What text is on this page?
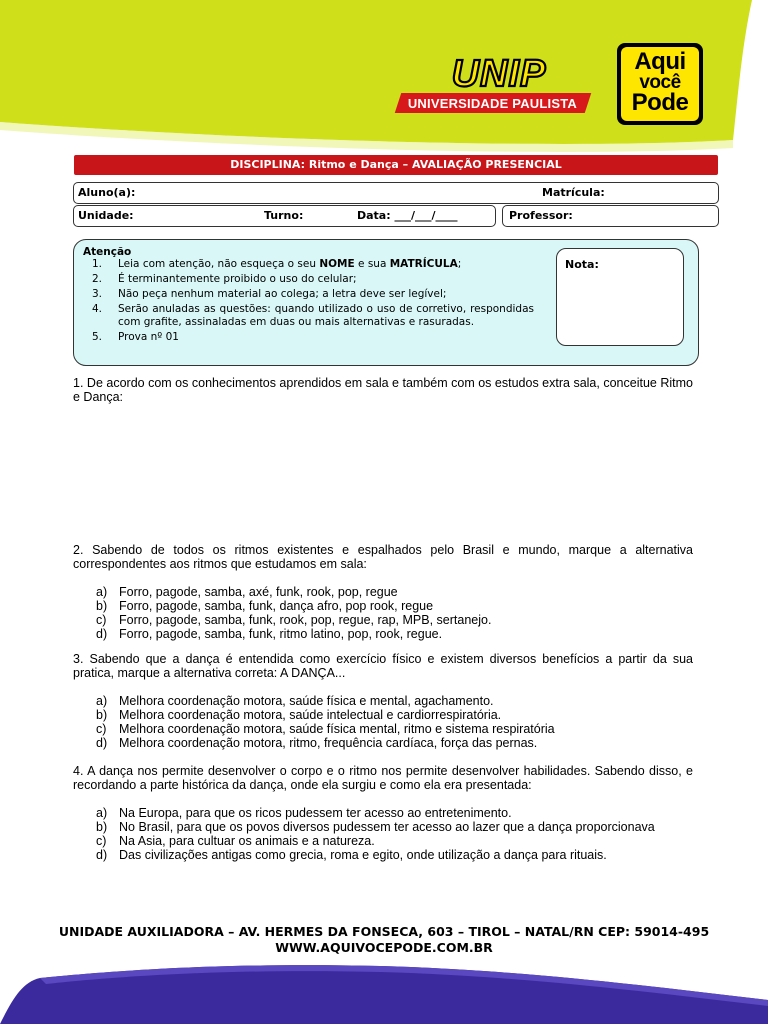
UNIP
UNIVERSIDADE PAULISTA
Aqui
você
Pode
DISCIPLINA: Ritmo e Dança – AVALIAÇÃO PRESENCIAL
Aluno(a):	Matrícula:
Unidade:	Turno:	Data: ___/___/____	Professor:
Atenção
1.	Leia com atenção, não esqueça o seu NOME e sua MATRÍCULA;
2.	É terminantemente proibido o uso do celular;
3.	Não peça nenhum material ao colega; a letra deve ser legível;
4.	Serão anuladas as questões: quando utilizado o uso de corretivo, respondidas com grafite, assinaladas em duas ou mais alternativas e rasuradas.
5.	Prova nº 01
Nota:
1. De acordo com os conhecimentos aprendidos em sala e também com os estudos extra sala, conceitue Ritmo e Dança:
2. Sabendo de todos os ritmos existentes e espalhados pelo Brasil e mundo, marque a alternativa correspondentes aos ritmos que estudamos em sala:
a) Forro, pagode, samba, axé, funk, rook, pop, regue
b) Forro, pagode, samba, funk, dança afro, pop rook, regue
c)	Forro, pagode, samba, funk, rook, pop, regue, rap, MPB, sertanejo.
d) Forro, pagode, samba, funk, ritmo latino, pop, rook, regue.
3. Sabendo que a dança é entendida como exercício físico e existem diversos benefícios a partir da sua pratica, marque a alternativa correta: A DANÇA...
a) Melhora coordenação motora, saúde física e mental, agachamento.
b) Melhora coordenação motora, saúde intelectual e cardiorrespiratória.
c)	Melhora coordenação motora, saúde física mental, ritmo e sistema respiratória
d) Melhora coordenação motora, ritmo, frequência cardíaca, força das pernas.
4. A dança nos permite desenvolver o corpo e o ritmo nos permite desenvolver habilidades. Sabendo disso, e recordando a parte histórica da dança, onde ela surgiu e como ela era presentada:
a) Na Europa, para que os ricos pudessem ter acesso ao entretenimento.
b) No Brasil, para que os povos diversos pudessem ter acesso ao lazer que a dança proporcionava
c)	Na Asia, para cultuar os animais e a natureza.
d) Das civilizações antigas como grecia, roma e egito, onde utilização a dança para rituais.
UNIDADE AUXILIADORA – AV. HERMES DA FONSECA, 603 – TIROL – NATAL/RN CEP: 59014-495
WWW.AQUIVOCEPODE.COM.BR
